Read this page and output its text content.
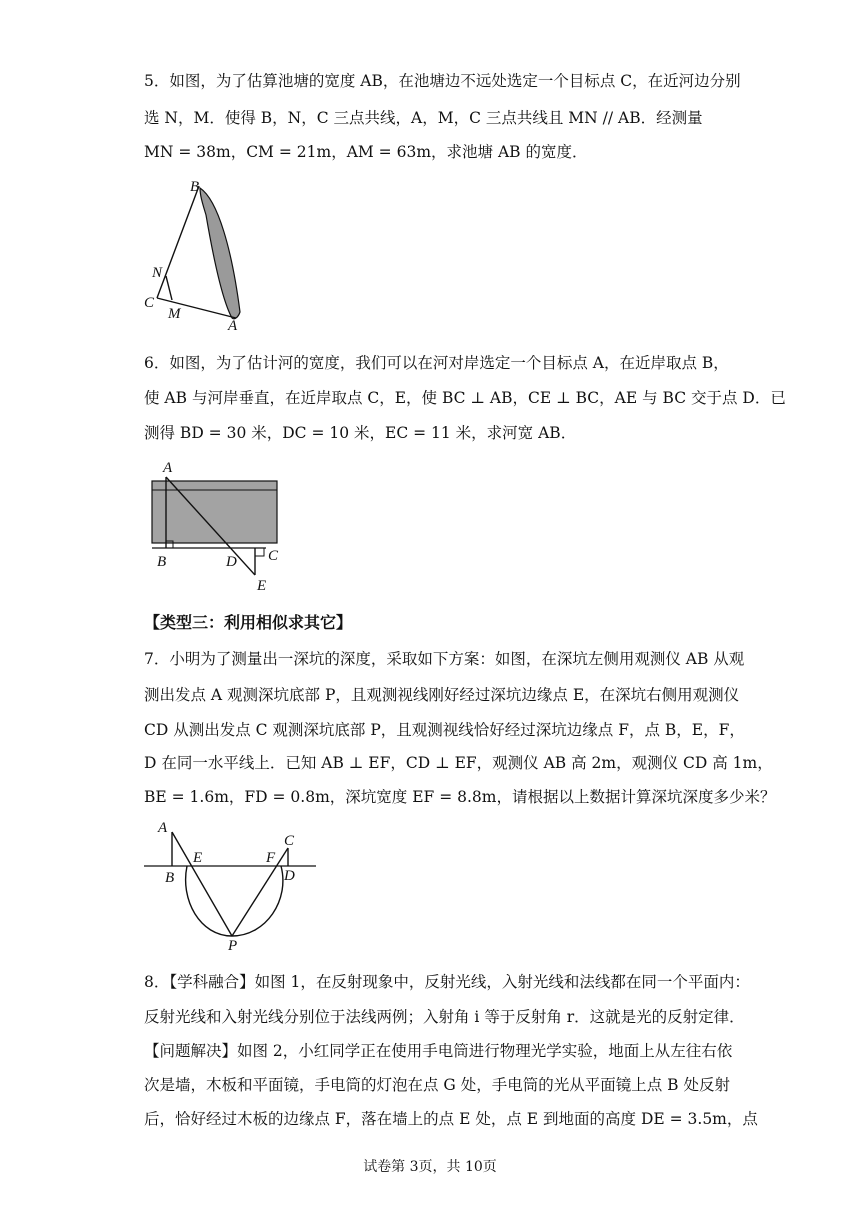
5．如图，为了估算池塘的宽度 AB，在池塘边不远处选定一个目标点 C，在近河边分别
选 N，M．使得 B，N，C 三点共线，A，M，C 三点共线且 MN // AB．经测量
MN = 38m，CM = 21m，AM = 63m，求池塘 AB 的宽度．
B
N
C
M
A
6．如图，为了估计河的宽度，我们可以在河对岸选定一个目标点 A，在近岸取点 B，
使 AB 与河岸垂直，在近岸取点 C，E，使 BC ⊥ AB，CE ⊥ BC，AE 与 BC 交于点 D．已
测得 BD = 30 米，DC = 10 米，EC = 11 米，求河宽 AB．
A
B	D C
E
【类型三：利用相似求其它】
7．小明为了测量出一深坑的深度，采取如下方案：如图，在深坑左侧用观测仪 AB 从观
测出发点 A 观测深坑底部 P，且观测视线刚好经过深坑边缘点 E，在深坑右侧用观测仪
CD 从测出发点 C 观测深坑底部 P，且观测视线恰好经过深坑边缘点 F，点 B，E，F，
D 在同一水平线上．已知 AB ⊥ EF，CD ⊥ EF，观测仪 AB 高 2m，观测仪 CD 高 1m，
BE = 1.6m，FD = 0.8m，深坑宽度 EF = 8.8m，请根据以上数据计算深坑深度多少米？
A
B
E	F
C
D
P
8．【学科融合】如图 1，在反射现象中，反射光线，入射光线和法线都在同一个平面内：
反射光线和入射光线分别位于法线两例；入射角 i 等于反射角 r．这就是光的反射定律．
【问题解决】如图 2，小红同学正在使用手电筒进行物理光学实验，地面上从左往右依
次是墙，木板和平面镜，手电筒的灯泡在点 G 处，手电筒的光从平面镜上点 B 处反射
后，恰好经过木板的边缘点 F，落在墙上的点 E 处，点 E 到地面的高度 DE = 3.5m，点
试卷第 3页，共 10页
